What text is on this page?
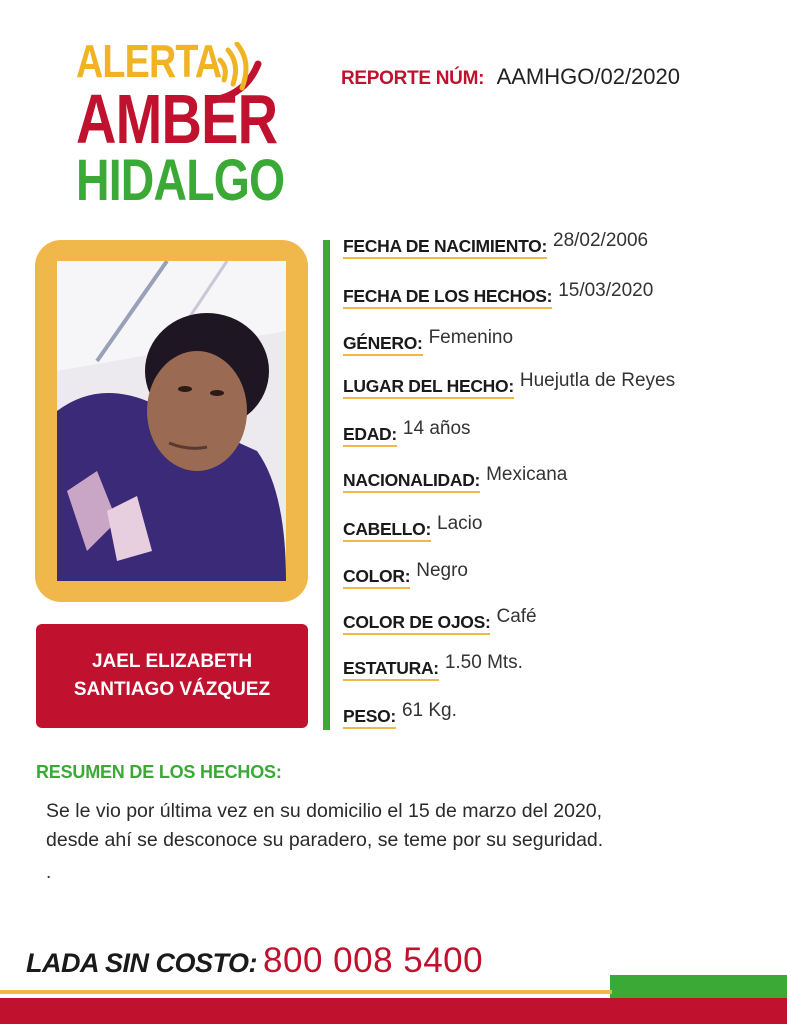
ALERTA
AMBER
HIDALGO
REPORTE NÚM: AAMHGO/02/2020
JAEL ELIZABETH
SANTIAGO VÁZQUEZ
FECHA DE NACIMIENTO: 28/02/2006
FECHA DE LOS HECHOS: 15/03/2020
GÉNERO: Femenino
LUGAR DEL HECHO: Huejutla de Reyes
EDAD: 14 años
NACIONALIDAD: Mexicana
CABELLO: Lacio
COLOR: Negro
COLOR DE OJOS: Café
ESTATURA: 1.50 Mts.
PESO: 61 Kg.
RESUMEN DE LOS HECHOS:
Se le vio por última vez en su domicilio el 15 de marzo del 2020,
desde ahí se desconoce su paradero, se teme por su seguridad.
.
LADA SIN COSTO: 800 008 5400
